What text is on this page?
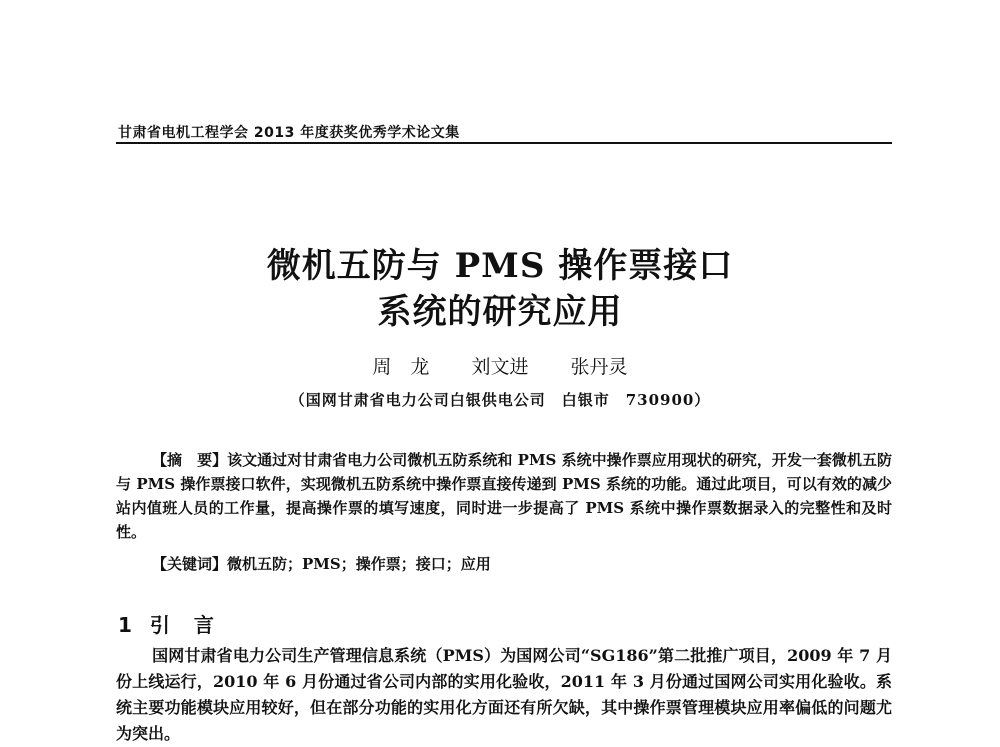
甘肃省电机工程学会 2013 年度获奖优秀学术论文集
微机五防与 PMS 操作票接口
系统的研究应用
周　龙 刘文进 张丹灵
（国网甘肃省电力公司白银供电公司　白银市　730900）
【摘　要】该文通过对甘肃省电力公司微机五防系统和 PMS 系统中操作票应用现状的研究，开发一套微机五防与 PMS 操作票接口软件，实现微机五防系统中操作票直接传递到 PMS 系统的功能。通过此项目，可以有效的减少站内值班人员的工作量，提高操作票的填写速度，同时进一步提高了 PMS 系统中操作票数据录入的完整性和及时性。
【关键词】微机五防；PMS；操作票；接口；应用
1 引　言
国网甘肃省电力公司生产管理信息系统（PMS）为国网公司“SG186”第二批推广项目，2009 年 7 月份上线运行，2010 年 6 月份通过省公司内部的实用化验收，2011 年 3 月份通过国网公司实用化验收。系统主要功能模块应用较好，但在部分功能的实用化方面还有所欠缺，其中操作票管理模块应用率偏低的问题尤为突出。
